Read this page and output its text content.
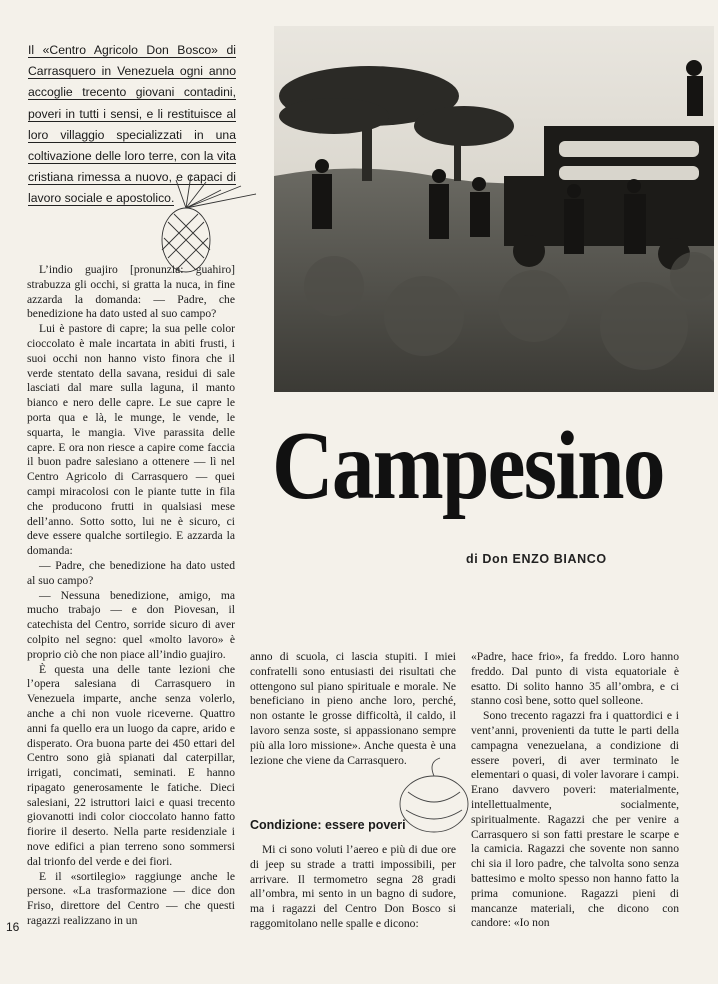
Il «Centro Agricolo Don Bosco» di Carrasquero in Venezuela ogni anno accoglie trecento giovani contadini, poveri in tutti i sensi, e li restituisce al loro villaggio specializzati in una coltivazione delle loro terre, con la vita cristiana rimessa a nuovo, e capaci di lavoro sociale e apostolico.

L’indio guajiro [pronunzia: guahiro] strabuzza gli occhi, si gratta la nuca, in fine azzarda la domanda: — Padre, che benedizione ha dato usted al suo campo?

Lui è pastore di capre; la sua pelle color cioccolato è male incartata in abiti frusti, i suoi occhi non hanno visto finora che il verde stentato della savana, residui di sale lasciati dal mare sulla laguna, il manto bianco e nero delle capre. Le sue capre le porta qua e là, le munge, le vende, le squarta, le mangia. Vive parassita delle capre. E ora non riesce a capire come faccia il buon padre salesiano a ottenere — lì nel Centro Agricolo di Carrasquero — quei campi miracolosi con le piante tutte in fila che producono frutti in qualsiasi mese dell’anno. Sotto sotto, lui ne è sicuro, ci deve essere qualche sortilegio. E azzarda la domanda:

— Padre, che benedizione ha dato usted al suo campo?

— Nessuna benedizione, amigo, ma mucho trabajo — e don Piovesan, il catechista del Centro, sorride sicuro di aver colpito nel segno: quel «molto lavoro» è proprio ciò che non piace all’indio guajiro.

È questa una delle tante lezioni che l’opera salesiana di Carrasquero in Venezuela imparte, anche senza volerlo, anche a chi non vuole riceverne. Quattro anni fa quello era un luogo da capre, arido e disperato. Ora buona parte dei 450 ettari del Centro sono già spianati dal caterpillar, irrigati, concimati, seminati. E hanno ripagato generosamente le fatiche. Dieci salesiani, 22 istruttori laici e quasi trecento giovanotti indi color cioccolato hanno fatto fiorire il deserto. Nella parte residenziale i nove edifici a pian terreno sono sommersi dal trionfo del verde e dei fiori.

E il «sortilegio» raggiunge anche le persone. «La trasformazione — dice don Friso, direttore del Centro — che questi ragazzi realizzano in un

Campesino
di Don ENZO BIANCO

anno di scuola, ci lascia stupiti. I miei confratelli sono entusiasti dei risultati che ottengono sul piano spirituale e morale. Ne beneficiano in pieno anche loro, perché, non ostante le grosse difficoltà, il caldo, il lavoro senza soste, si appassionano sempre più alla loro missione». Anche questa è una lezione che viene da Carrasquero.

Condizione: essere poveri

Mi ci sono voluti l’aereo e più di due ore di jeep su strade a tratti impossibili, per arrivare. Il termometro segna 28 gradi all’ombra, mi sento in un bagno di sudore, ma i ragazzi del Centro Don Bosco si raggomitolano nelle spalle e dicono:

«Padre, hace frio», fa freddo. Loro hanno freddo. Dal punto di vista equatoriale è esatto. Di solito hanno 35 all’ombra, e ci stanno così bene, sotto quel solleone.

Sono trecento ragazzi fra i quattordici e i vent’anni, provenienti da tutte le parti della campagna venezuelana, a condizione di essere poveri, di aver terminato le elementari o quasi, di voler lavorare i campi. Erano davvero poveri: materialmente, intellettualmente, socialmente, spiritualmente. Ragazzi che per venire a Carrasquero si son fatti prestare le scarpe e la camicia. Ragazzi che sovente non sanno chi sia il loro padre, che talvolta sono senza battesimo e molto spesso non hanno fatto la prima comunione. Ragazzi pieni di mancanze materiali, che dicono con candore: «Io non

16
